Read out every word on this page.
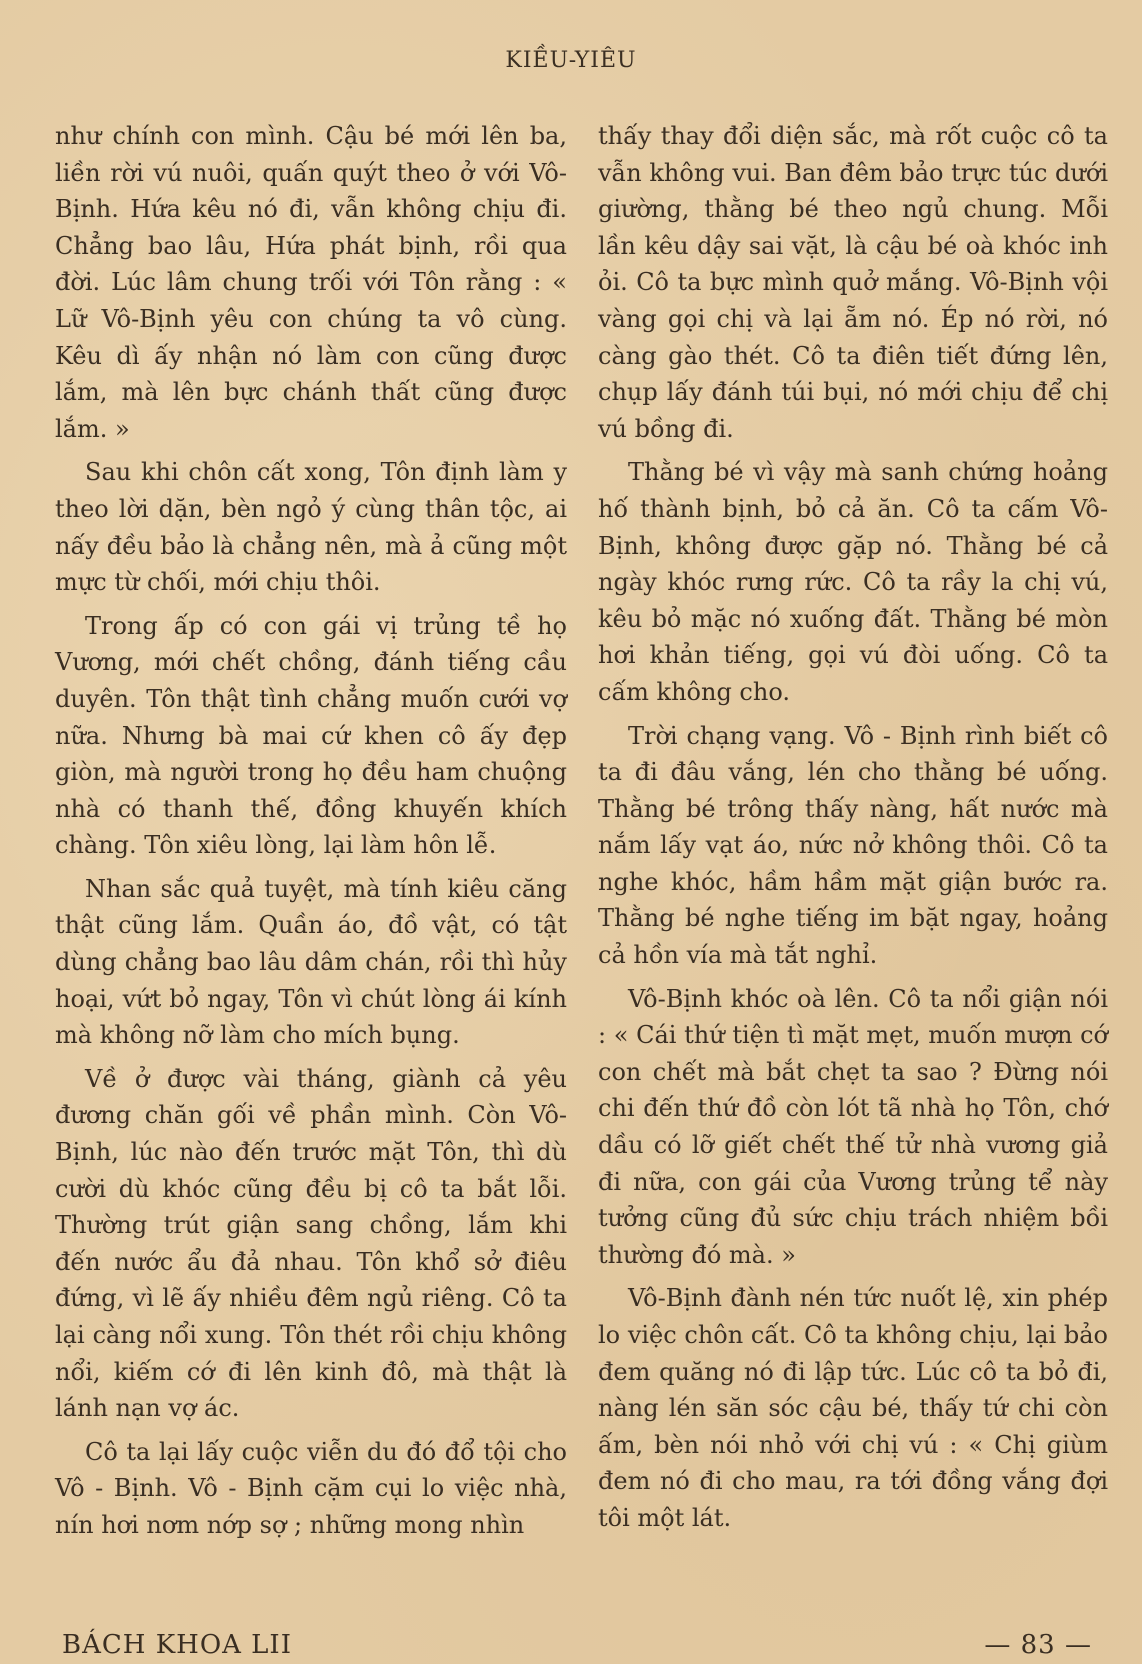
KIỀU-YIÊU

như chính con mình. Cậu bé mới lên ba, liền rời vú nuôi, quấn quýt theo ở với Vô-Bịnh. Hứa kêu nó đi, vẫn không chịu đi. Chẳng bao lâu, Hứa phát bịnh, rồi qua đời. Lúc lâm chung trối với Tôn rằng : « Lữ Vô-Bịnh yêu con chúng ta vô cùng. Kêu dì ấy nhận nó làm con cũng được lắm, mà lên bực chánh thất cũng được lắm. »

Sau khi chôn cất xong, Tôn định làm y theo lời dặn, bèn ngỏ ý cùng thân tộc, ai nấy đều bảo là chẳng nên, mà ả cũng một mực từ chối, mới chịu thôi.

Trong ấp có con gái vị trủng tề họ Vương, mới chết chồng, đánh tiếng cầu duyên. Tôn thật tình chẳng muốn cưới vợ nữa. Nhưng bà mai cứ khen cô ấy đẹp giòn, mà người trong họ đều ham chuộng nhà có thanh thế, đồng khuyến khích chàng. Tôn xiêu lòng, lại làm hôn lễ.

Nhan sắc quả tuyệt, mà tính kiêu căng thật cũng lắm. Quần áo, đồ vật, có tật dùng chẳng bao lâu dâm chán, rồi thì hủy hoại, vứt bỏ ngay, Tôn vì chút lòng ái kính mà không nỡ làm cho mích bụng.

Về ở được vài tháng, giành cả yêu đương chăn gối về phần mình. Còn Vô-Bịnh, lúc nào đến trước mặt Tôn, thì dù cười dù khóc cũng đều bị cô ta bắt lỗi. Thường trút giận sang chồng, lắm khi đến nước ẩu đả nhau. Tôn khổ sở điêu đứng, vì lẽ ấy nhiều đêm ngủ riêng. Cô ta lại càng nổi xung. Tôn thét rồi chịu không nổi, kiếm cớ đi lên kinh đô, mà thật là lánh nạn vợ ác.

Cô ta lại lấy cuộc viễn du đó đổ tội cho Vô - Bịnh. Vô - Bịnh cặm cụi lo việc nhà, nín hơi nơm nớp sợ ; những mong nhìn

thấy thay đổi diện sắc, mà rốt cuộc cô ta vẫn không vui. Ban đêm bảo trực túc dưới giường, thằng bé theo ngủ chung. Mỗi lần kêu dậy sai vặt, là cậu bé oà khóc inh ỏi. Cô ta bực mình quở mắng. Vô-Bịnh vội vàng gọi chị và lại ẵm nó. Ép nó rời, nó càng gào thét. Cô ta điên tiết đứng lên, chụp lấy đánh túi bụi, nó mới chịu để chị vú bồng đi.

Thằng bé vì vậy mà sanh chứng hoảng hố thành bịnh, bỏ cả ăn. Cô ta cấm Vô-Bịnh, không được gặp nó. Thằng bé cả ngày khóc rưng rức. Cô ta rầy la chị vú, kêu bỏ mặc nó xuống đất. Thằng bé mòn hơi khản tiếng, gọi vú đòi uống. Cô ta cấm không cho.

Trời chạng vạng. Vô - Bịnh rình biết cô ta đi đâu vắng, lén cho thằng bé uống. Thằng bé trông thấy nàng, hất nước mà nắm lấy vạt áo, nức nở không thôi. Cô ta nghe khóc, hầm hầm mặt giận bước ra. Thằng bé nghe tiếng im bặt ngay, hoảng cả hồn vía mà tắt nghỉ.

Vô-Bịnh khóc oà lên. Cô ta nổi giận nói : « Cái thứ tiện tì mặt mẹt, muốn mượn cớ con chết mà bắt chẹt ta sao ? Đừng nói chi đến thứ đồ còn lót tã nhà họ Tôn, chớ dầu có lỡ giết chết thế tử nhà vương giả đi nữa, con gái của Vương trủng tể này tưởng cũng đủ sức chịu trách nhiệm bồi thường đó mà. »

Vô-Bịnh đành nén tức nuốt lệ, xin phép lo việc chôn cất. Cô ta không chịu, lại bảo đem quăng nó đi lập tức. Lúc cô ta bỏ đi, nàng lén săn sóc cậu bé, thấy tứ chi còn ấm, bèn nói nhỏ với chị vú : « Chị giùm đem nó đi cho mau, ra tới đồng vắng đợi tôi một lát.

BÁCH KHOA LII	— 83 —
